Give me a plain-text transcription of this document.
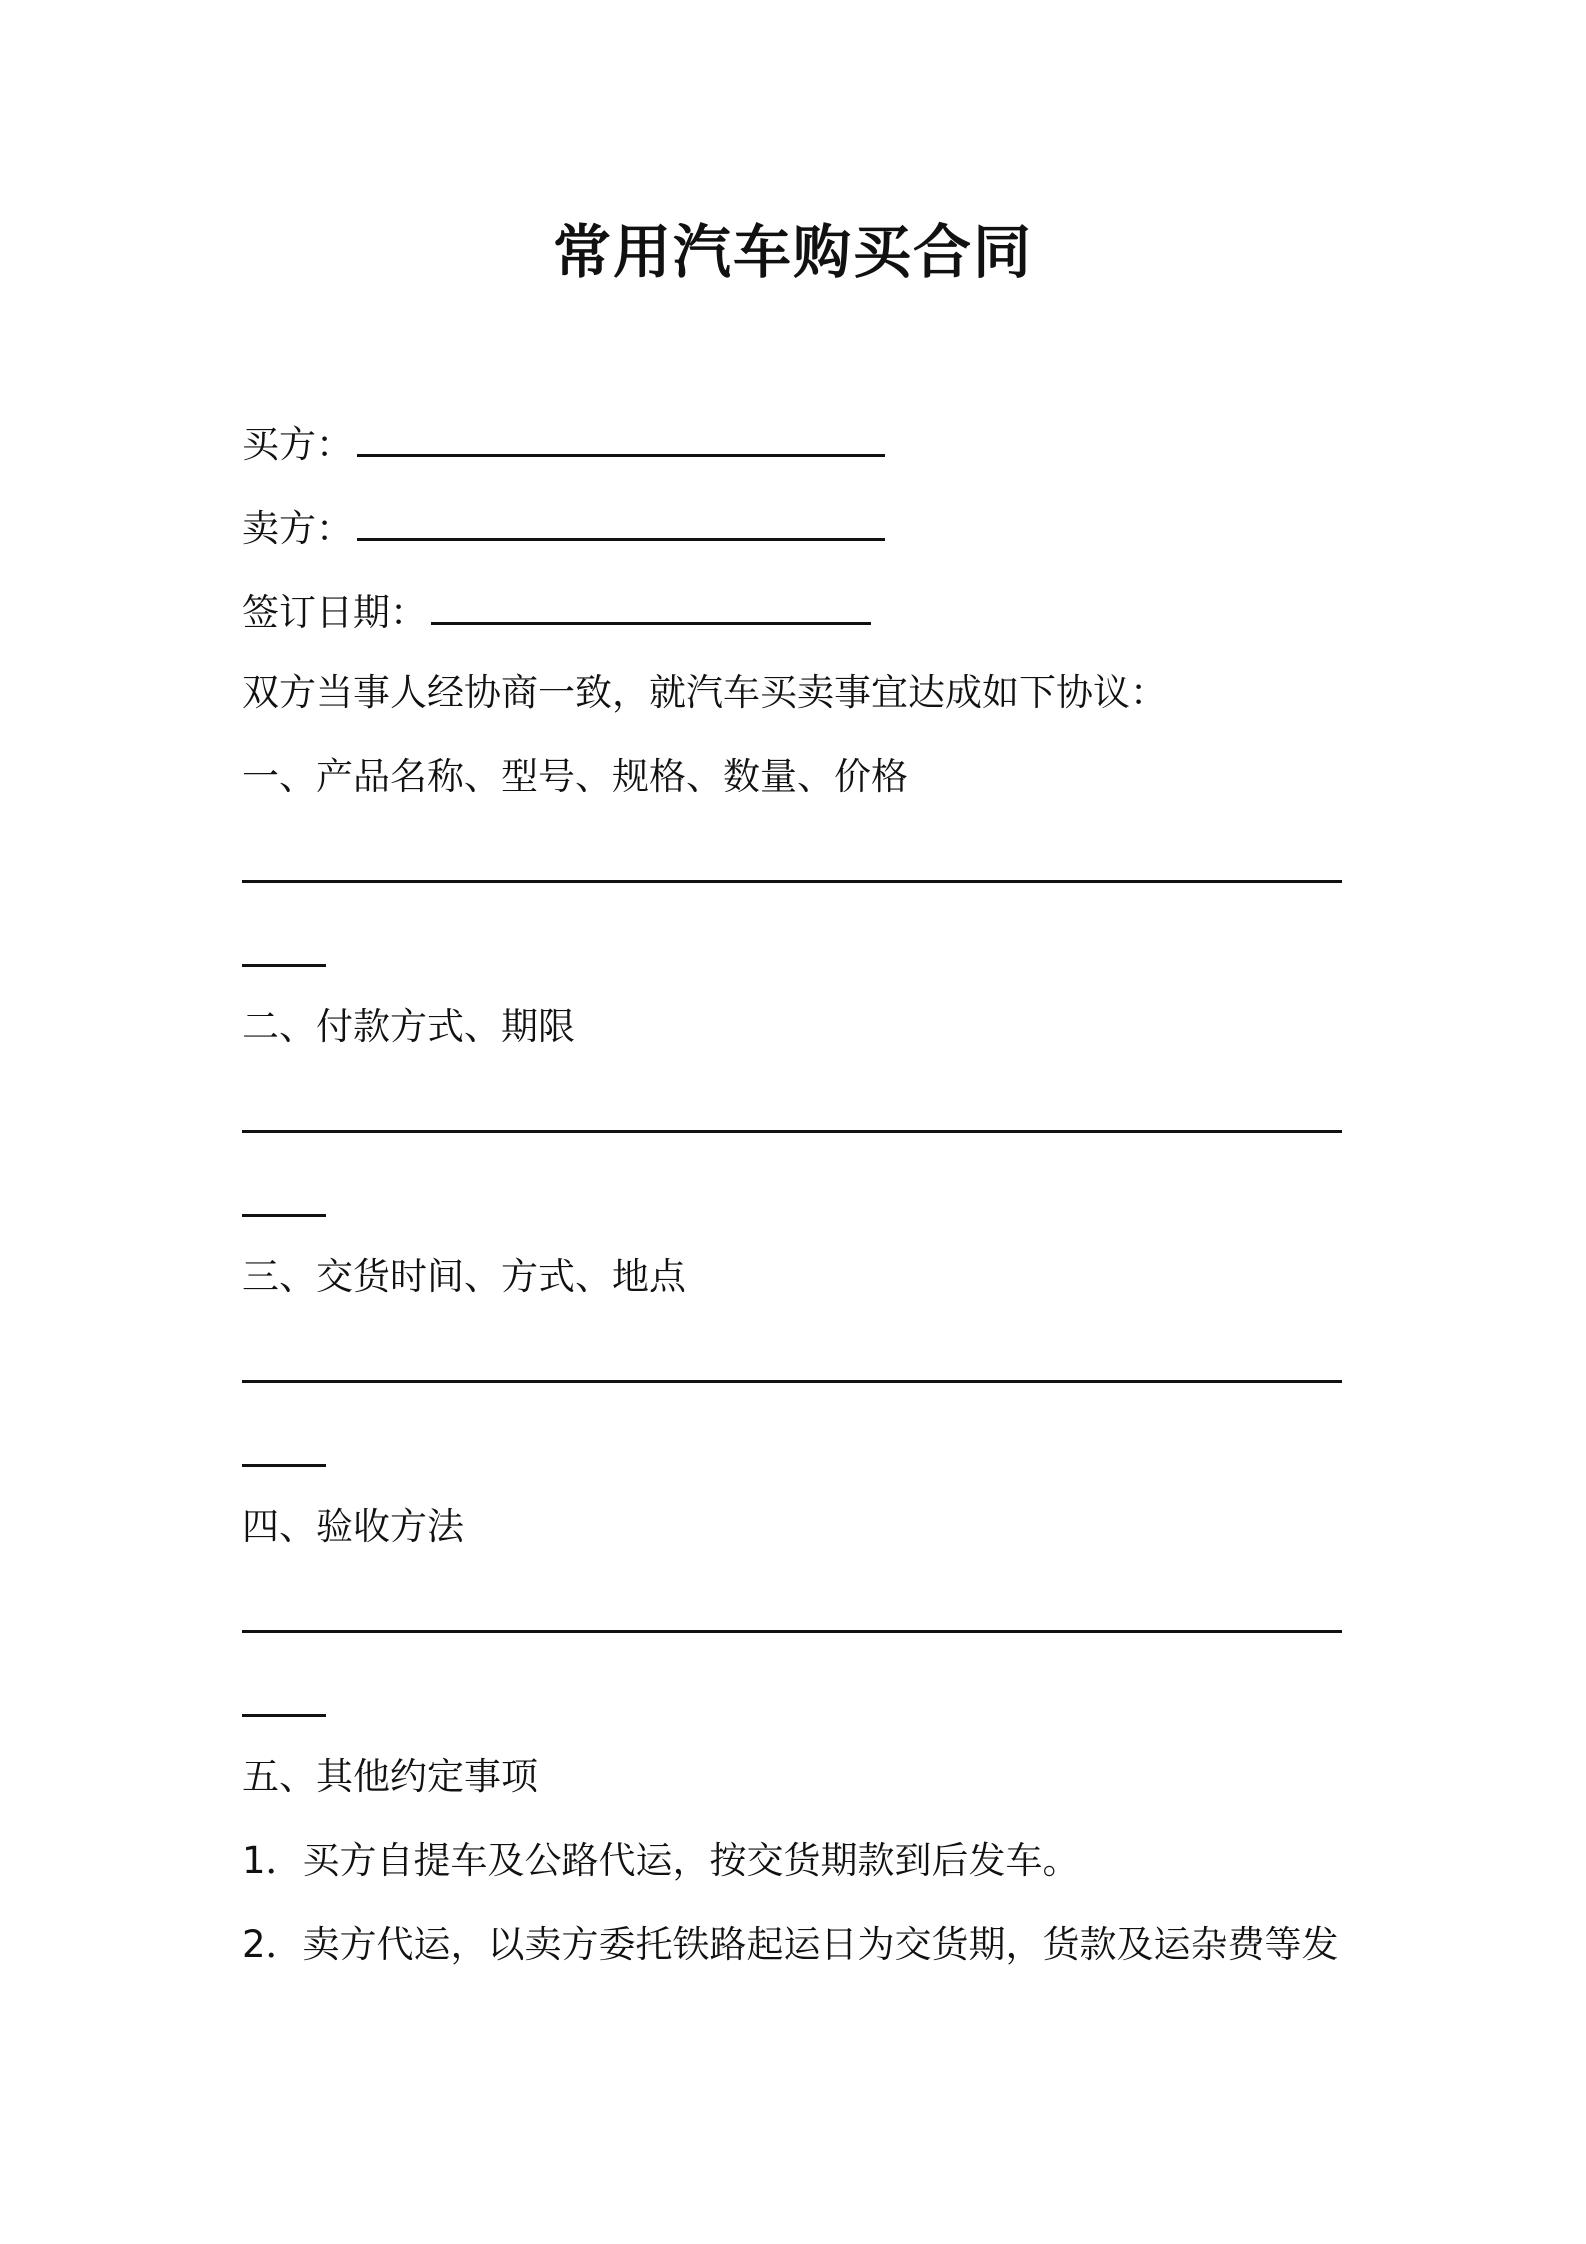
常用汽车购买合同
买方：
卖方：
签订日期：
双方当事人经协商一致，就汽车买卖事宜达成如下协议：
一、产品名称、型号、规格、数量、价格
二、付款方式、期限
三、交货时间、方式、地点
四、验收方法
五、其他约定事项
1．买方自提车及公路代运，按交货期款到后发车。
2．卖方代运，以卖方委托铁路起运日为交货期，货款及运杂费等发
